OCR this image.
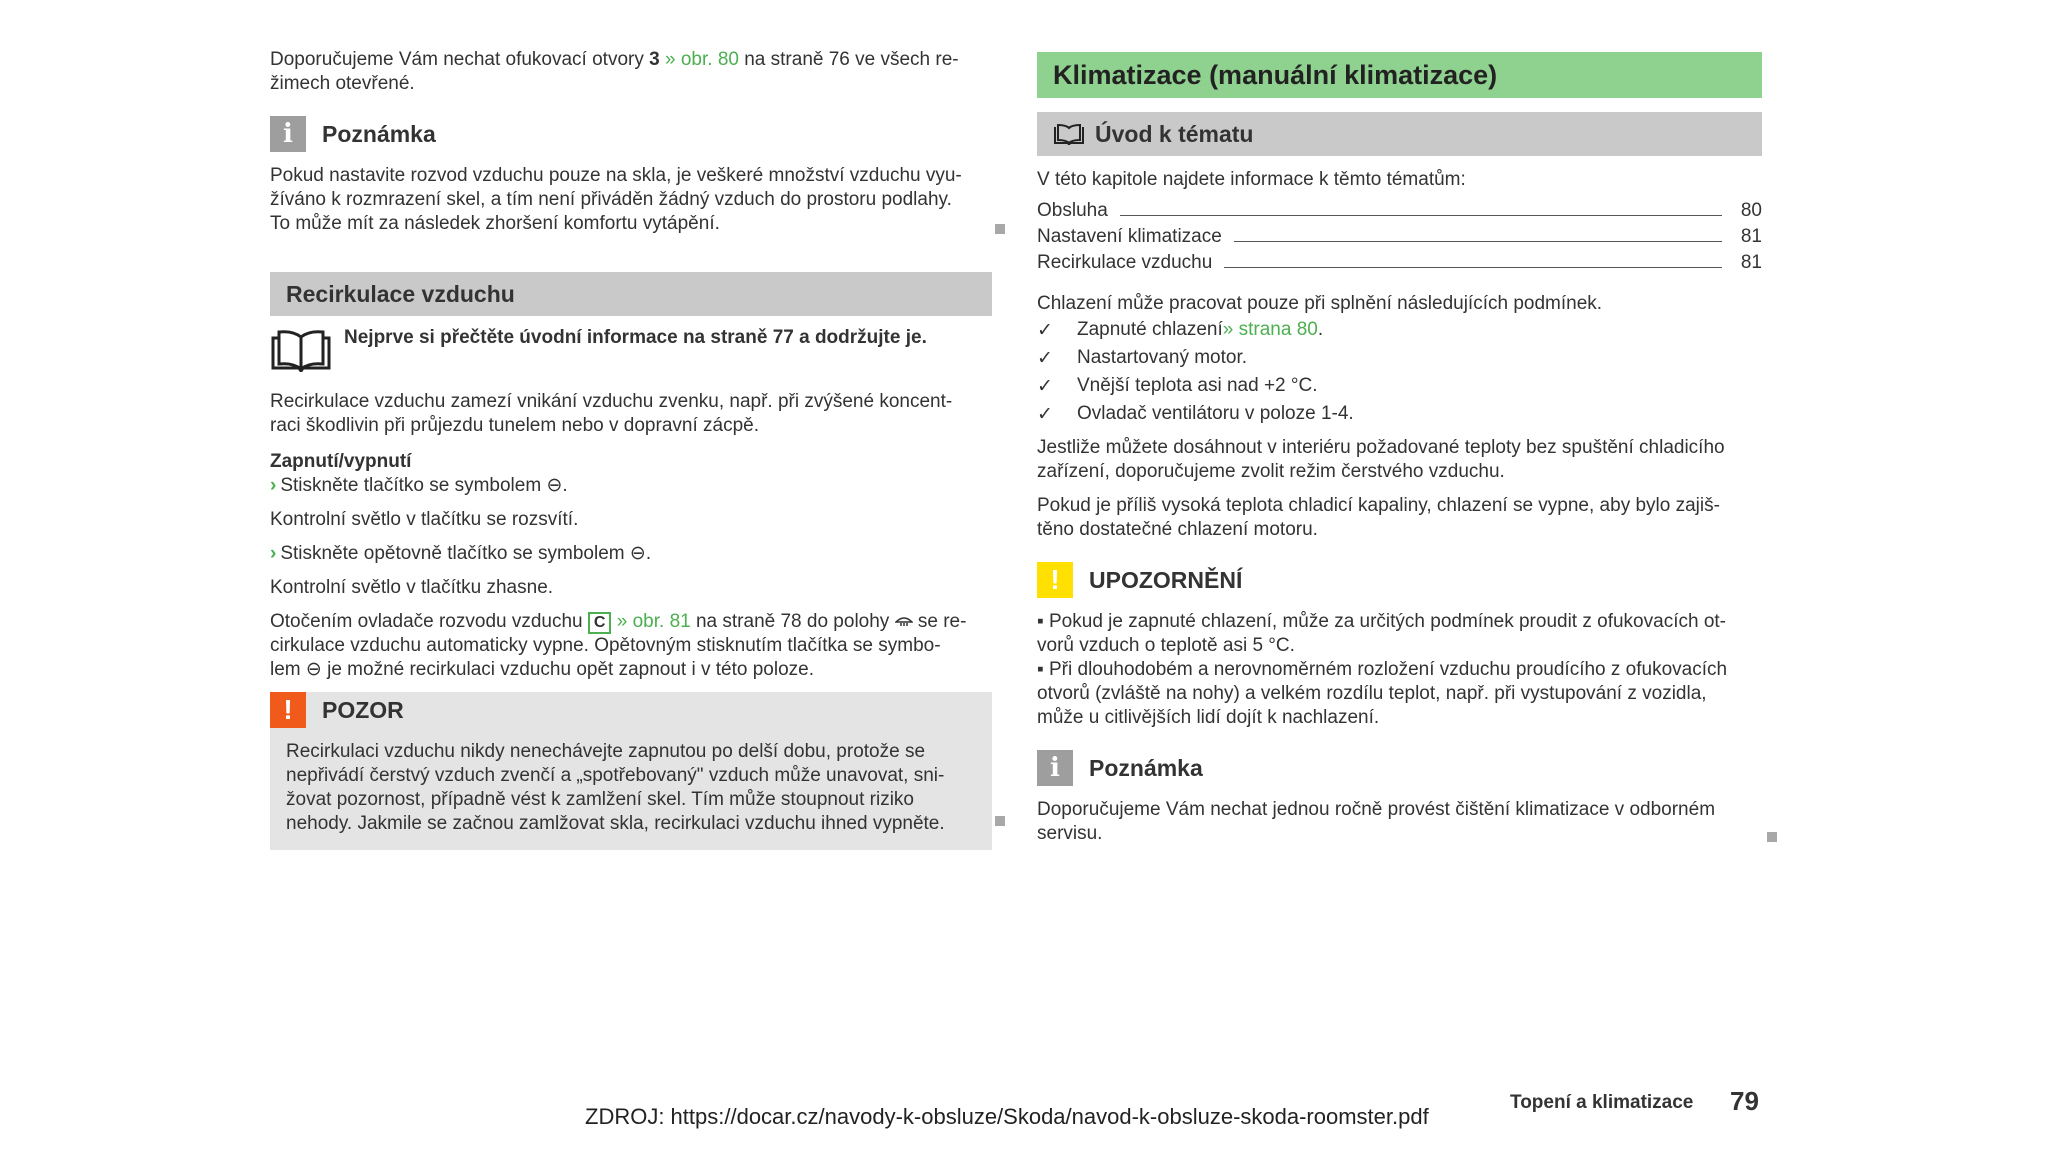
Doporučujeme Vám nechat ofukovací otvory 3 » obr. 80 na straně 76 ve všech re-
žimech otevřené.

i	Poznámka

Pokud nastavite rozvod vzduchu pouze na skla, je veškeré množství vzduchu vyu-
žíváno k rozmrazení skel, a tím není přiváděn žádný vzduch do prostoru podlahy.
To může mít za následek zhoršení komfortu vytápění.

Recirkulace vzduchu

Nejprve si přečtěte úvodní informace na straně 77 a dodržujte je.

Recirkulace vzduchu zamezí vnikání vzduchu zvenku, např. při zvýšené koncent-
raci škodlivin při průjezdu tunelem nebo v dopravní zácpě.

Zapnutí/vypnutí

› Stiskněte tlačítko se symbolem ⊖.

Kontrolní světlo v tlačítku se rozsvítí.

› Stiskněte opětovně tlačítko se symbolem ⊖.

Kontrolní světlo v tlačítku zhasne.

Otočením ovladače rozvodu vzduchu C » obr. 81 na straně 78 do polohy  se re-
cirkulace vzduchu automaticky vypne. Opětovným stisknutím tlačítka se symbo-
lem ⊖ je možné recirkulaci vzduchu opět zapnout i v této poloze.

!	POZOR

Recirkulaci vzduchu nikdy nenechávejte zapnutou po delší dobu, protože se
nepřivádí čerstvý vzduch zvenčí a „spotřebovaný" vzduch může unavovat, sni-
žovat pozornost, případně vést k zamlžení skel. Tím může stoupnout riziko
nehody. Jakmile se začnou zamlžovat skla, recirkulaci vzduchu ihned vypněte.

Klimatizace (manuální klimatizace)
Úvod k tématu

V této kapitole najdete informace k těmto tématům:

Obsluha	80
Nastavení klimatizace	81
Recirkulace vzduchu	81

Chlazení může pracovat pouze při splnění následujících podmínek.

✓	Zapnuté chlazení » strana 80 .
✓	Nastartovaný motor.
✓	Vnější teplota asi nad +2 °C.
✓	Ovladač ventilátoru v poloze 1-4.

Jestliže můžete dosáhnout v interiéru požadované teploty bez spuštění chladicího
zařízení, doporučujeme zvolit režim čerstvého vzduchu.

Pokud je příliš vysoká teplota chladicí kapaliny, chlazení se vypne, aby bylo zajiš-
těno dostatečné chlazení motoru.

!	UPOZORNĚNÍ

▪ Pokud je zapnuté chlazení, může za určitých podmínek proudit z ofukovacích ot-
vorů vzduch o teplotě asi 5 °C.
▪ Při dlouhodobém a nerovnoměrném rozložení vzduchu proudícího z ofukovacích
otvorů (zvláště na nohy) a velkém rozdílu teplot, např. při vystupování z vozidla,
může u citlivějších lidí dojít k nachlazení.

i	Poznámka

Doporučujeme Vám nechat jednou ročně provést čištění klimatizace v odborném
servisu.

ZDROJ: https://docar.cz/navody-k-obsluze/Skoda/navod-k-obsluze-skoda-roomster.pdf
Topení a klimatizace 79
